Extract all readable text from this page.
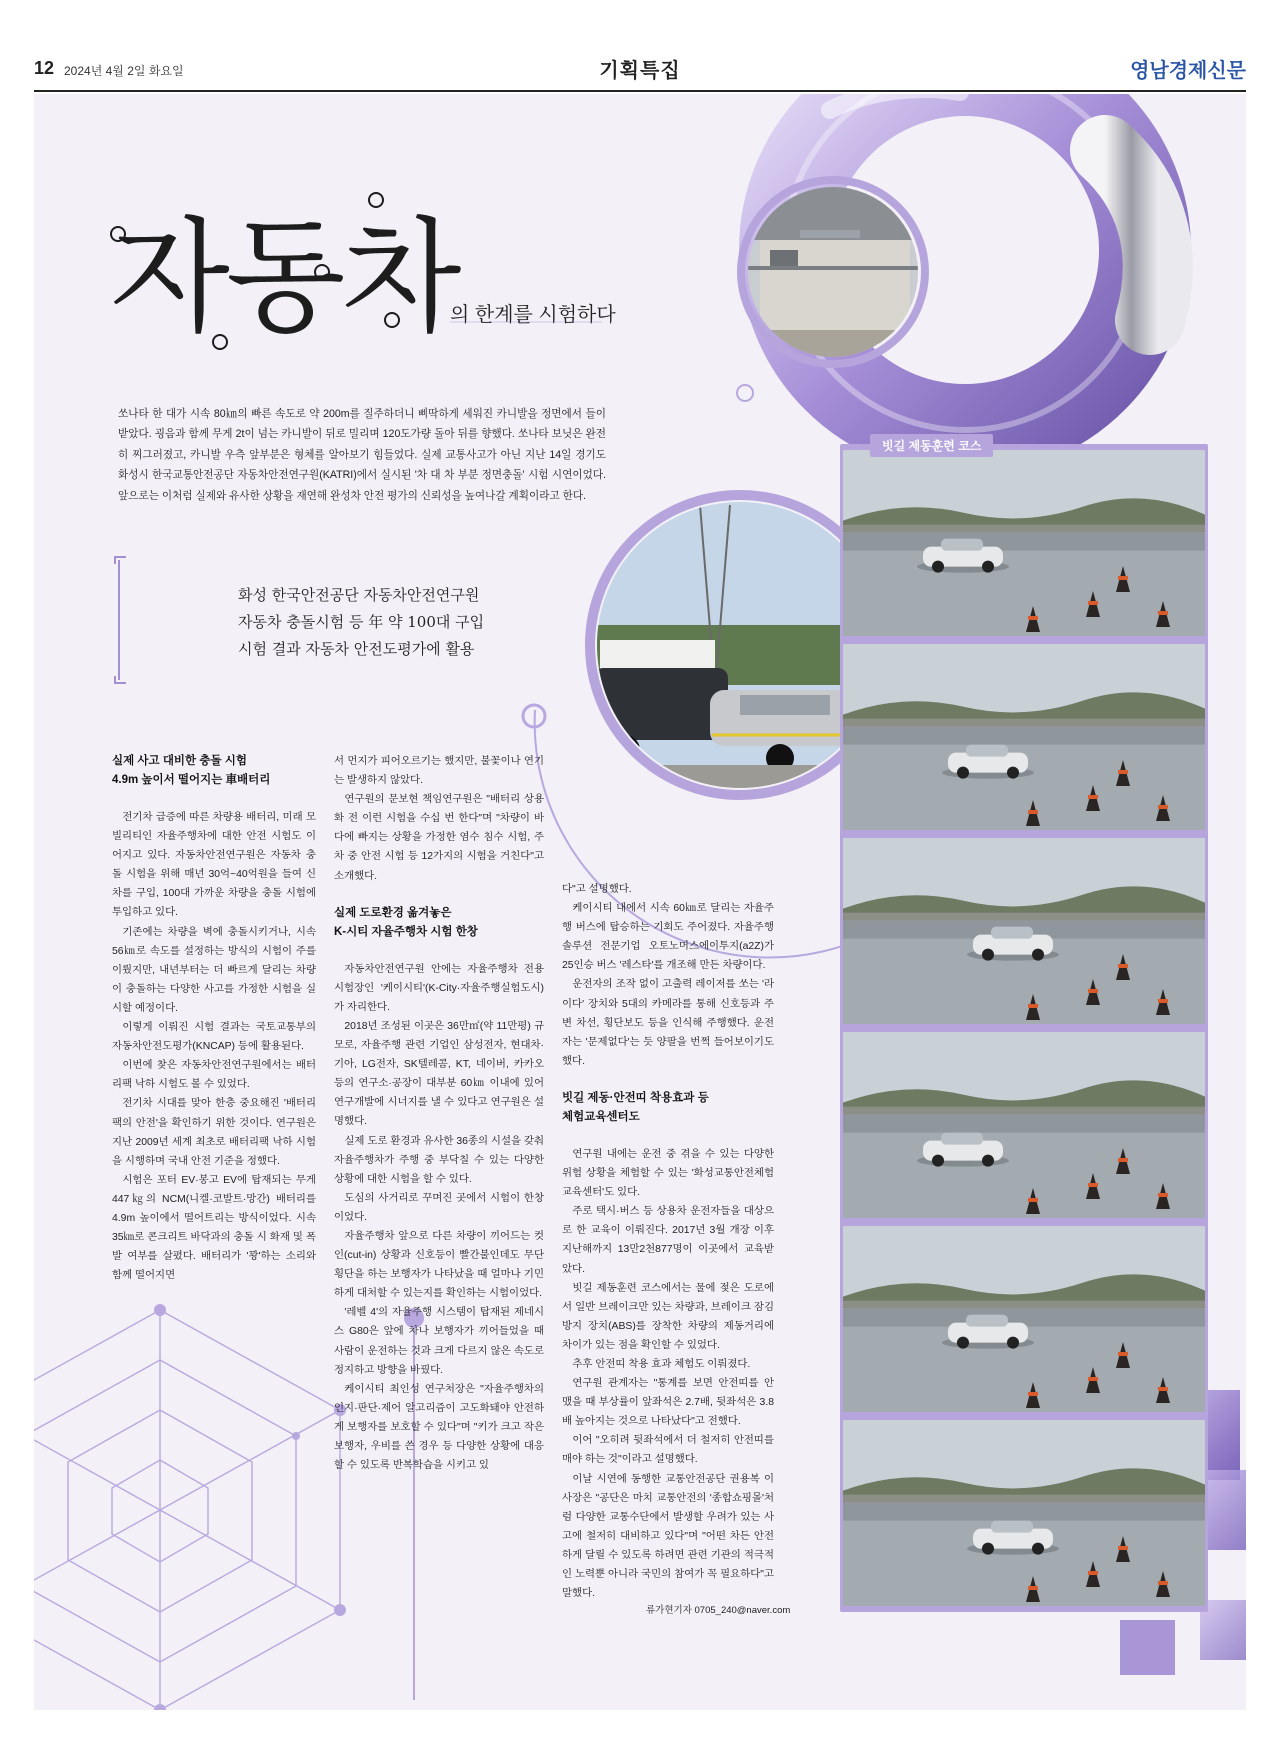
12 2024년 4월 2일 화요일	기획특집	영남경제신문
자동차
의 한계를 시험하다
쏘나타 한 대가 시속 80㎞의 빠른 속도로 약 200m를 질주하더니 삐딱하게 세워진 카니발을 정면에서 들이받았다. 굉음과 함께 무게 2t이 넘는 카니발이 뒤로 밀리며 120도가량 돌아 뒤를 향했다. 쏘나타 보닛은 완전히 찌그러졌고, 카니발 우측 앞부분은 형체를 알아보기 힘들었다. 실제 교통사고가 아닌 지난 14일 경기도 화성시 한국교통안전공단 자동차안전연구원(KATRI)에서 실시된 '차 대 차 부분 정면충돌' 시험 시연이었다. 앞으로는 이처럼 실제와 유사한 상황을 재연해 완성차 안전 평가의 신뢰성을 높여나갈 계획이라고 한다.
화성 한국안전공단 자동차안전연구원
자동차 충돌시험 등 年 약 100대 구입
시험 결과 자동차 안전도평가에 활용
실제 사고 대비한 충돌 시험
4.9m 높이서 떨어지는 車배터리

전기차 급증에 따른 차량용 배터리, 미래 모빌리티인 자율주행차에 대한 안전 시험도 이어지고 있다. 자동차안전연구원은 자동차 충돌 시험을 위해 매년 30억~40억원을 들여 신차를 구입, 100대 가까운 차량을 충돌 시험에 투입하고 있다.

기존에는 차량을 벽에 충돌시키거나, 시속 56㎞로 속도를 설정하는 방식의 시험이 주를 이뤘지만, 내년부터는 더 빠르게 달리는 차량이 충돌하는 다양한 사고를 가정한 시험을 실시할 예정이다.

이렇게 이뤄진 시험 결과는 국토교통부의 자동차안전도평가(KNCAP) 등에 활용된다.

이번에 찾은 자동차안전연구원에서는 배터리팩 낙하 시험도 볼 수 있었다.

전기차 시대를 맞아 한층 중요해진 '배터리팩의 안전'을 확인하기 위한 것이다. 연구원은 지난 2009년 세계 최초로 배터리팩 낙하 시험을 시행하며 국내 안전 기준을 정했다.

시험은 포터 EV·봉고 EV에 탑재되는 무게 447㎏의 NCM(니켈·코발트·망간) 배터리를 4.9m 높이에서 떨어트리는 방식이었다. 시속 35㎞로 콘크리트 바닥과의 충돌 시 화재 및 폭발 여부를 살폈다. 배터리가 '꽝'하는 소리와 함께 떨어지면

서 먼지가 피어오르기는 했지만, 불꽃이나 연기는 발생하지 않았다.

연구원의 문보현 책임연구원은 "배터리 상용화 전 이런 시험을 수십 번 한다"며 "차량이 바다에 빠지는 상황을 가정한 염수 침수 시험, 주차 중 안전 시험 등 12가지의 시험을 거친다"고 소개했다.

실제 도로환경 옮겨놓은
K-시티 자율주행차 시험 한창

자동차안전연구원 안에는 자율주행차 전용 시험장인 '케이시티'(K-City·자율주행실험도시)가 자리한다.

2018년 조성된 이곳은 36만㎡(약 11만평) 규모로, 자율주행 관련 기업인 삼성전자, 현대차·기아, LG전자, SK텔레콤, KT, 네이버, 카카오 등의 연구소·공장이 대부분 60㎞ 이내에 있어 연구개발에 시너지를 낼 수 있다고 연구원은 설명했다.

실제 도로 환경과 유사한 36종의 시설을 갖춰 자율주행차가 주행 중 부닥칠 수 있는 다양한 상황에 대한 시험을 할 수 있다.

도심의 사거리로 꾸며진 곳에서 시험이 한창이었다.

자율주행차 앞으로 다른 차량이 끼어드는 컷인(cut-in) 상황과 신호등이 빨간불인데도 무단횡단을 하는 보행자가 나타났을 때 얼마나 기민하게 대처할 수 있는지를 확인하는 시험이었다.

'레벨 4'의 자율주행 시스템이 탑재된 제네시스 G80은 앞에 차나 보행자가 끼어들었을 때 사람이 운전하는 것과 크게 다르지 않은 속도로 정지하고 방향을 바꿨다.

케이시티 최인성 연구처장은 "자율주행차의 인지·판단·제어 알고리즘이 고도화돼야 안전하게 보행자를 보호할 수 있다"며 "키가 크고 작은 보행자, 우비를 쓴 경우 등 다양한 상황에 대응할 수 있도록 반복학습을 시키고 있

다"고 설명했다.

케이시티 내에서 시속 60㎞로 달리는 자율주행 버스에 탑승하는 기회도 주어졌다. 자율주행 솔루션 전문기업 오토노머스에이투지(a2Z)가 25인승 버스 '레스타'를 개조해 만든 차량이다.

운전자의 조작 없이 고출력 레이저를 쏘는 '라이다' 장치와 5대의 카메라를 통해 신호등과 주변 차선, 횡단보도 등을 인식해 주행했다. 운전자는 '문제없다'는 듯 양팔을 번쩍 들어보이기도 했다.

빗길 제동·안전띠 착용효과 등
체험교육센터도

연구원 내에는 운전 중 겪을 수 있는 다양한 위험 상황을 체험할 수 있는 '화성교통안전체험교육센터'도 있다.

주로 택시·버스 등 상용차 운전자들을 대상으로 한 교육이 이뤄진다. 2017년 3월 개장 이후 지난해까지 13만2천877명이 이곳에서 교육받았다.

빗길 제동훈련 코스에서는 물에 젖은 도로에서 일반 브레이크만 있는 차량과, 브레이크 잠김 방지 장치(ABS)를 장착한 차량의 제동거리에 차이가 있는 점을 확인할 수 있었다.

추후 안전띠 착용 효과 체험도 이뤄졌다.

연구원 관계자는 "통계를 보면 안전띠를 안 맸을 때 부상률이 앞좌석은 2.7배, 뒷좌석은 3.8배 높아지는 것으로 나타났다"고 전했다.

이어 "오히려 뒷좌석에서 더 철저히 안전띠를 매야 하는 것"이라고 설명했다.

이날 시연에 동행한 교통안전공단 권용복 이사장은 "공단은 마치 교통안전의 '종합쇼핑몰'처럼 다양한 교통수단에서 발생할 우려가 있는 사고에 철저히 대비하고 있다"며 "어떤 차든 안전하게 달릴 수 있도록 하려면 관련 기관의 적극적인 노력뿐 아니라 국민의 참여가 꼭 필요하다"고 말했다.

류가현기자 0705_240@naver.com
빗길 제동훈련 코스
